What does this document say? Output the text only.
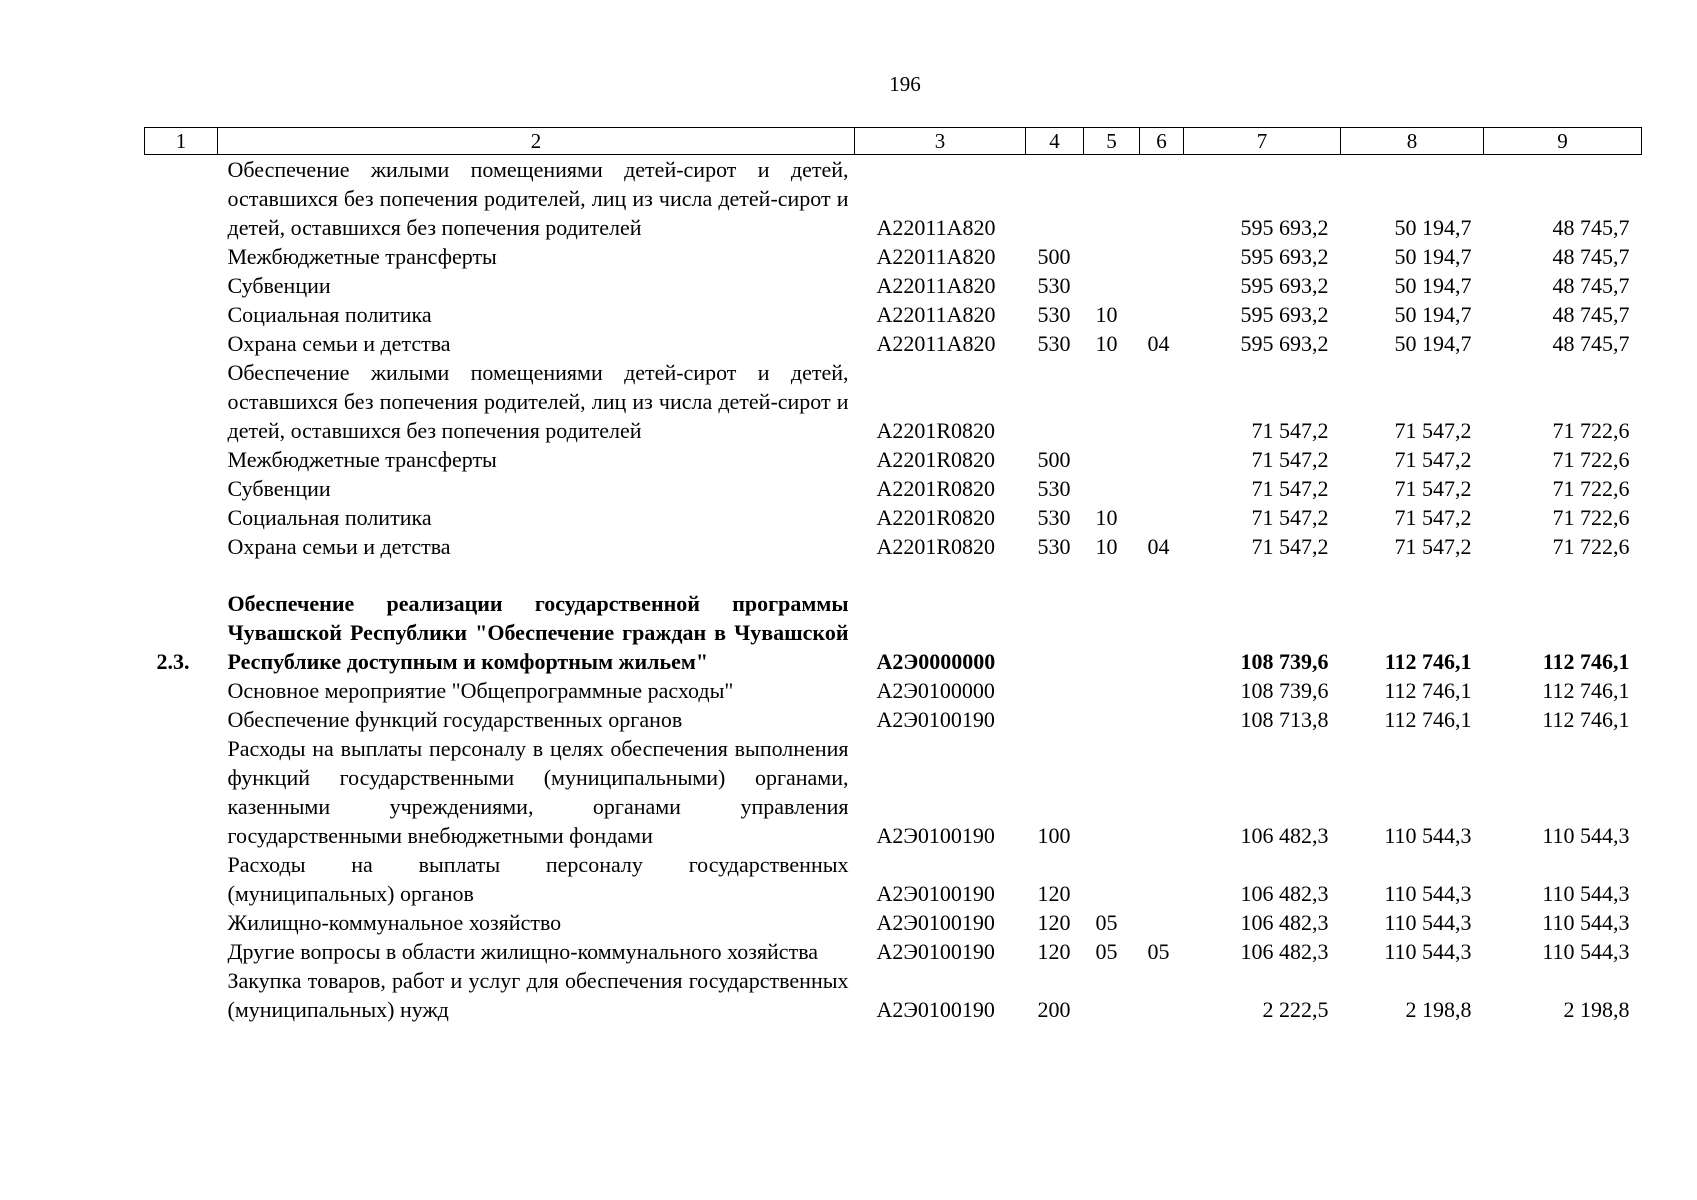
196
1	2	3	4	5	6	7	8	9
	Обеспечение жилыми помещениями детей-сирот и детей, оставшихся без попечения родителей, лиц из числа детей-сирот и детей, оставшихся без попечения родителей	А22011А820				595 693,2	50 194,7	48 745,7
	Межбюджетные трансферты	А22011А820	500			595 693,2	50 194,7	48 745,7
	Субвенции	А22011А820	530			595 693,2	50 194,7	48 745,7
	Социальная политика	А22011А820	530	10		595 693,2	50 194,7	48 745,7
	Охрана семьи и детства	А22011А820	530	10	04	595 693,2	50 194,7	48 745,7
	Обеспечение жилыми помещениями детей-сирот и детей, оставшихся без попечения родителей, лиц из числа детей-сирот и детей, оставшихся без попечения родителей	А2201R0820				71 547,2	71 547,2	71 722,6
	Межбюджетные трансферты	А2201R0820	500			71 547,2	71 547,2	71 722,6
	Субвенции	А2201R0820	530			71 547,2	71 547,2	71 722,6
	Социальная политика	А2201R0820	530	10		71 547,2	71 547,2	71 722,6
	Охрана семьи и детства	А2201R0820	530	10	04	71 547,2	71 547,2	71 722,6

2.3.	Обеспечение реализации государственной программы Чувашской Республики "Обеспечение граждан в Чувашской Республике доступным и комфортным жильем"	А2Э0000000				108 739,6	112 746,1	112 746,1
	Основное мероприятие "Общепрограммные расходы"	А2Э0100000				108 739,6	112 746,1	112 746,1
	Обеспечение функций государственных органов	А2Э0100190				108 713,8	112 746,1	112 746,1
	Расходы на выплаты персоналу в целях обеспечения выполнения функций государственными (муниципальными) органами, казенными учреждениями, органами управления государственными внебюджетными фондами	А2Э0100190	100			106 482,3	110 544,3	110 544,3
	Расходы на выплаты персоналу государственных (муниципальных) органов	А2Э0100190	120			106 482,3	110 544,3	110 544,3
	Жилищно-коммунальное хозяйство	А2Э0100190	120	05		106 482,3	110 544,3	110 544,3
	Другие вопросы в области жилищно-коммунального хозяйства	А2Э0100190	120	05	05	106 482,3	110 544,3	110 544,3
	Закупка товаров, работ и услуг для обеспечения государственных (муниципальных) нужд	А2Э0100190	200			2 222,5	2 198,8	2 198,8
